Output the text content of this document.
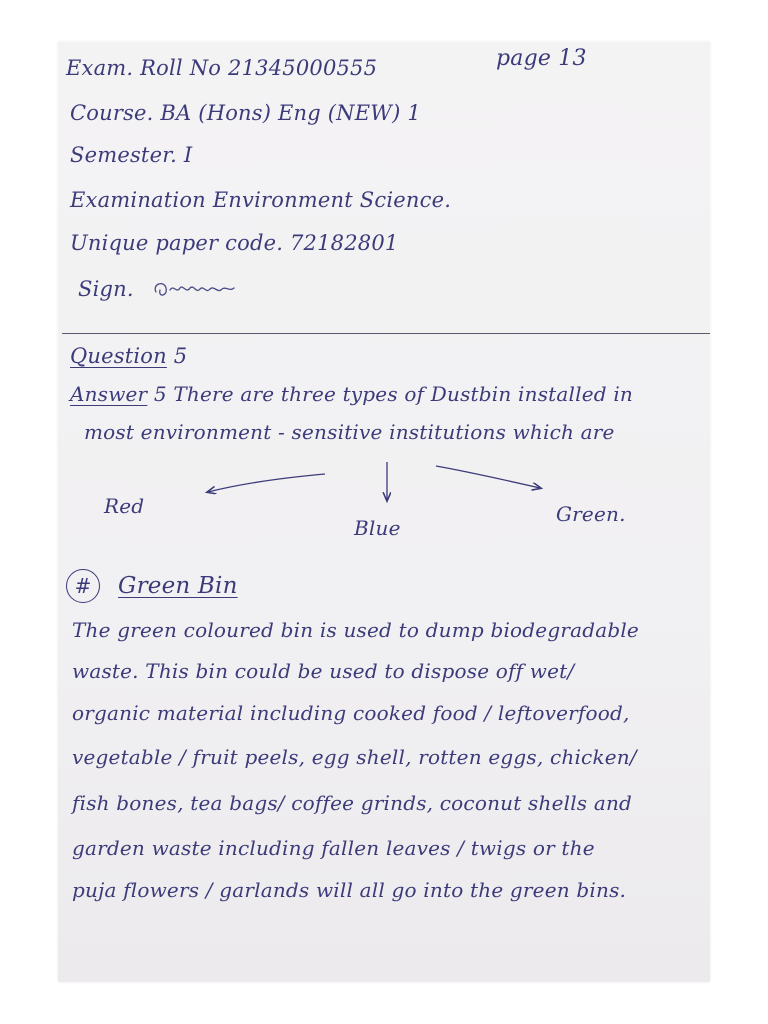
Exam. Roll No 21345000555	page 13
Course. BA (Hons) Eng (NEW) 1
Semester. I
Examination Environment Science.
Unique paper code. 72182801
Sign.
Question 5
Answer 5 There are three types of Dustbin installed in
most environment - sensitive institutions which are
Red
Blue
Green.
#	Green Bin
The green coloured bin is used to dump biodegradable
waste. This bin could be used to dispose off wet/
organic material including cooked food / leftoverfood,
vegetable / fruit peels, egg shell, rotten eggs, chicken/
fish bones, tea bags/ coffee grinds, coconut shells and
garden waste including fallen leaves / twigs or the
puja flowers / garlands will all go into the green bins.
